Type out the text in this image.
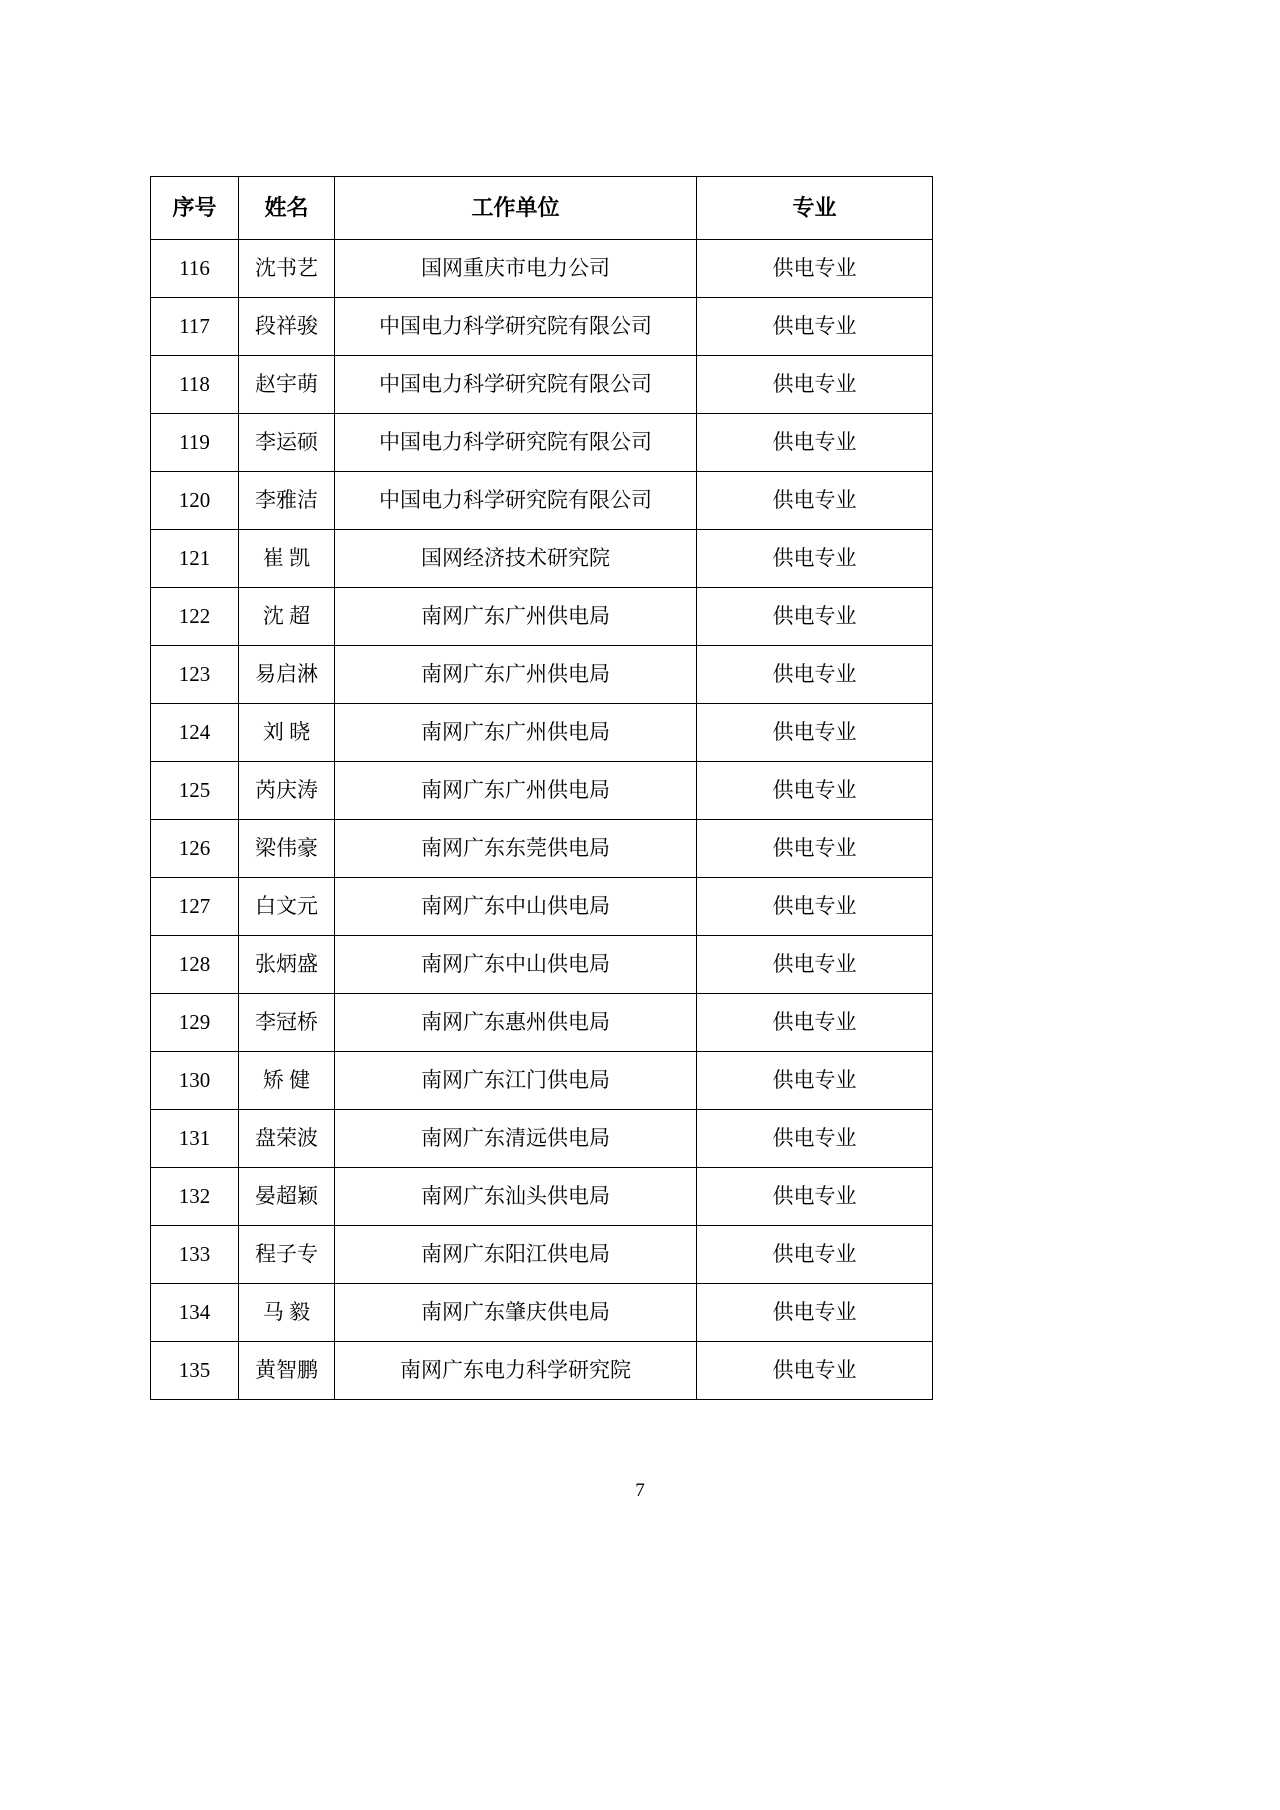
序号	姓名	工作单位	专业
116	沈书艺	国网重庆市电力公司	供电专业
117	段祥骏	中国电力科学研究院有限公司	供电专业
118	赵宇萌	中国电力科学研究院有限公司	供电专业
119	李运硕	中国电力科学研究院有限公司	供电专业
120	李雅洁	中国电力科学研究院有限公司	供电专业
121	崔 凯	国网经济技术研究院	供电专业
122	沈 超	南网广东广州供电局	供电专业
123	易启淋	南网广东广州供电局	供电专业
124	刘 晓	南网广东广州供电局	供电专业
125	芮庆涛	南网广东广州供电局	供电专业
126	梁伟豪	南网广东东莞供电局	供电专业
127	白文元	南网广东中山供电局	供电专业
128	张炳盛	南网广东中山供电局	供电专业
129	李冠桥	南网广东惠州供电局	供电专业
130	矫 健	南网广东江门供电局	供电专业
131	盘荣波	南网广东清远供电局	供电专业
132	晏超颖	南网广东汕头供电局	供电专业
133	程子专	南网广东阳江供电局	供电专业
134	马 毅	南网广东肇庆供电局	供电专业
135	黄智鹏	南网广东电力科学研究院	供电专业
7
